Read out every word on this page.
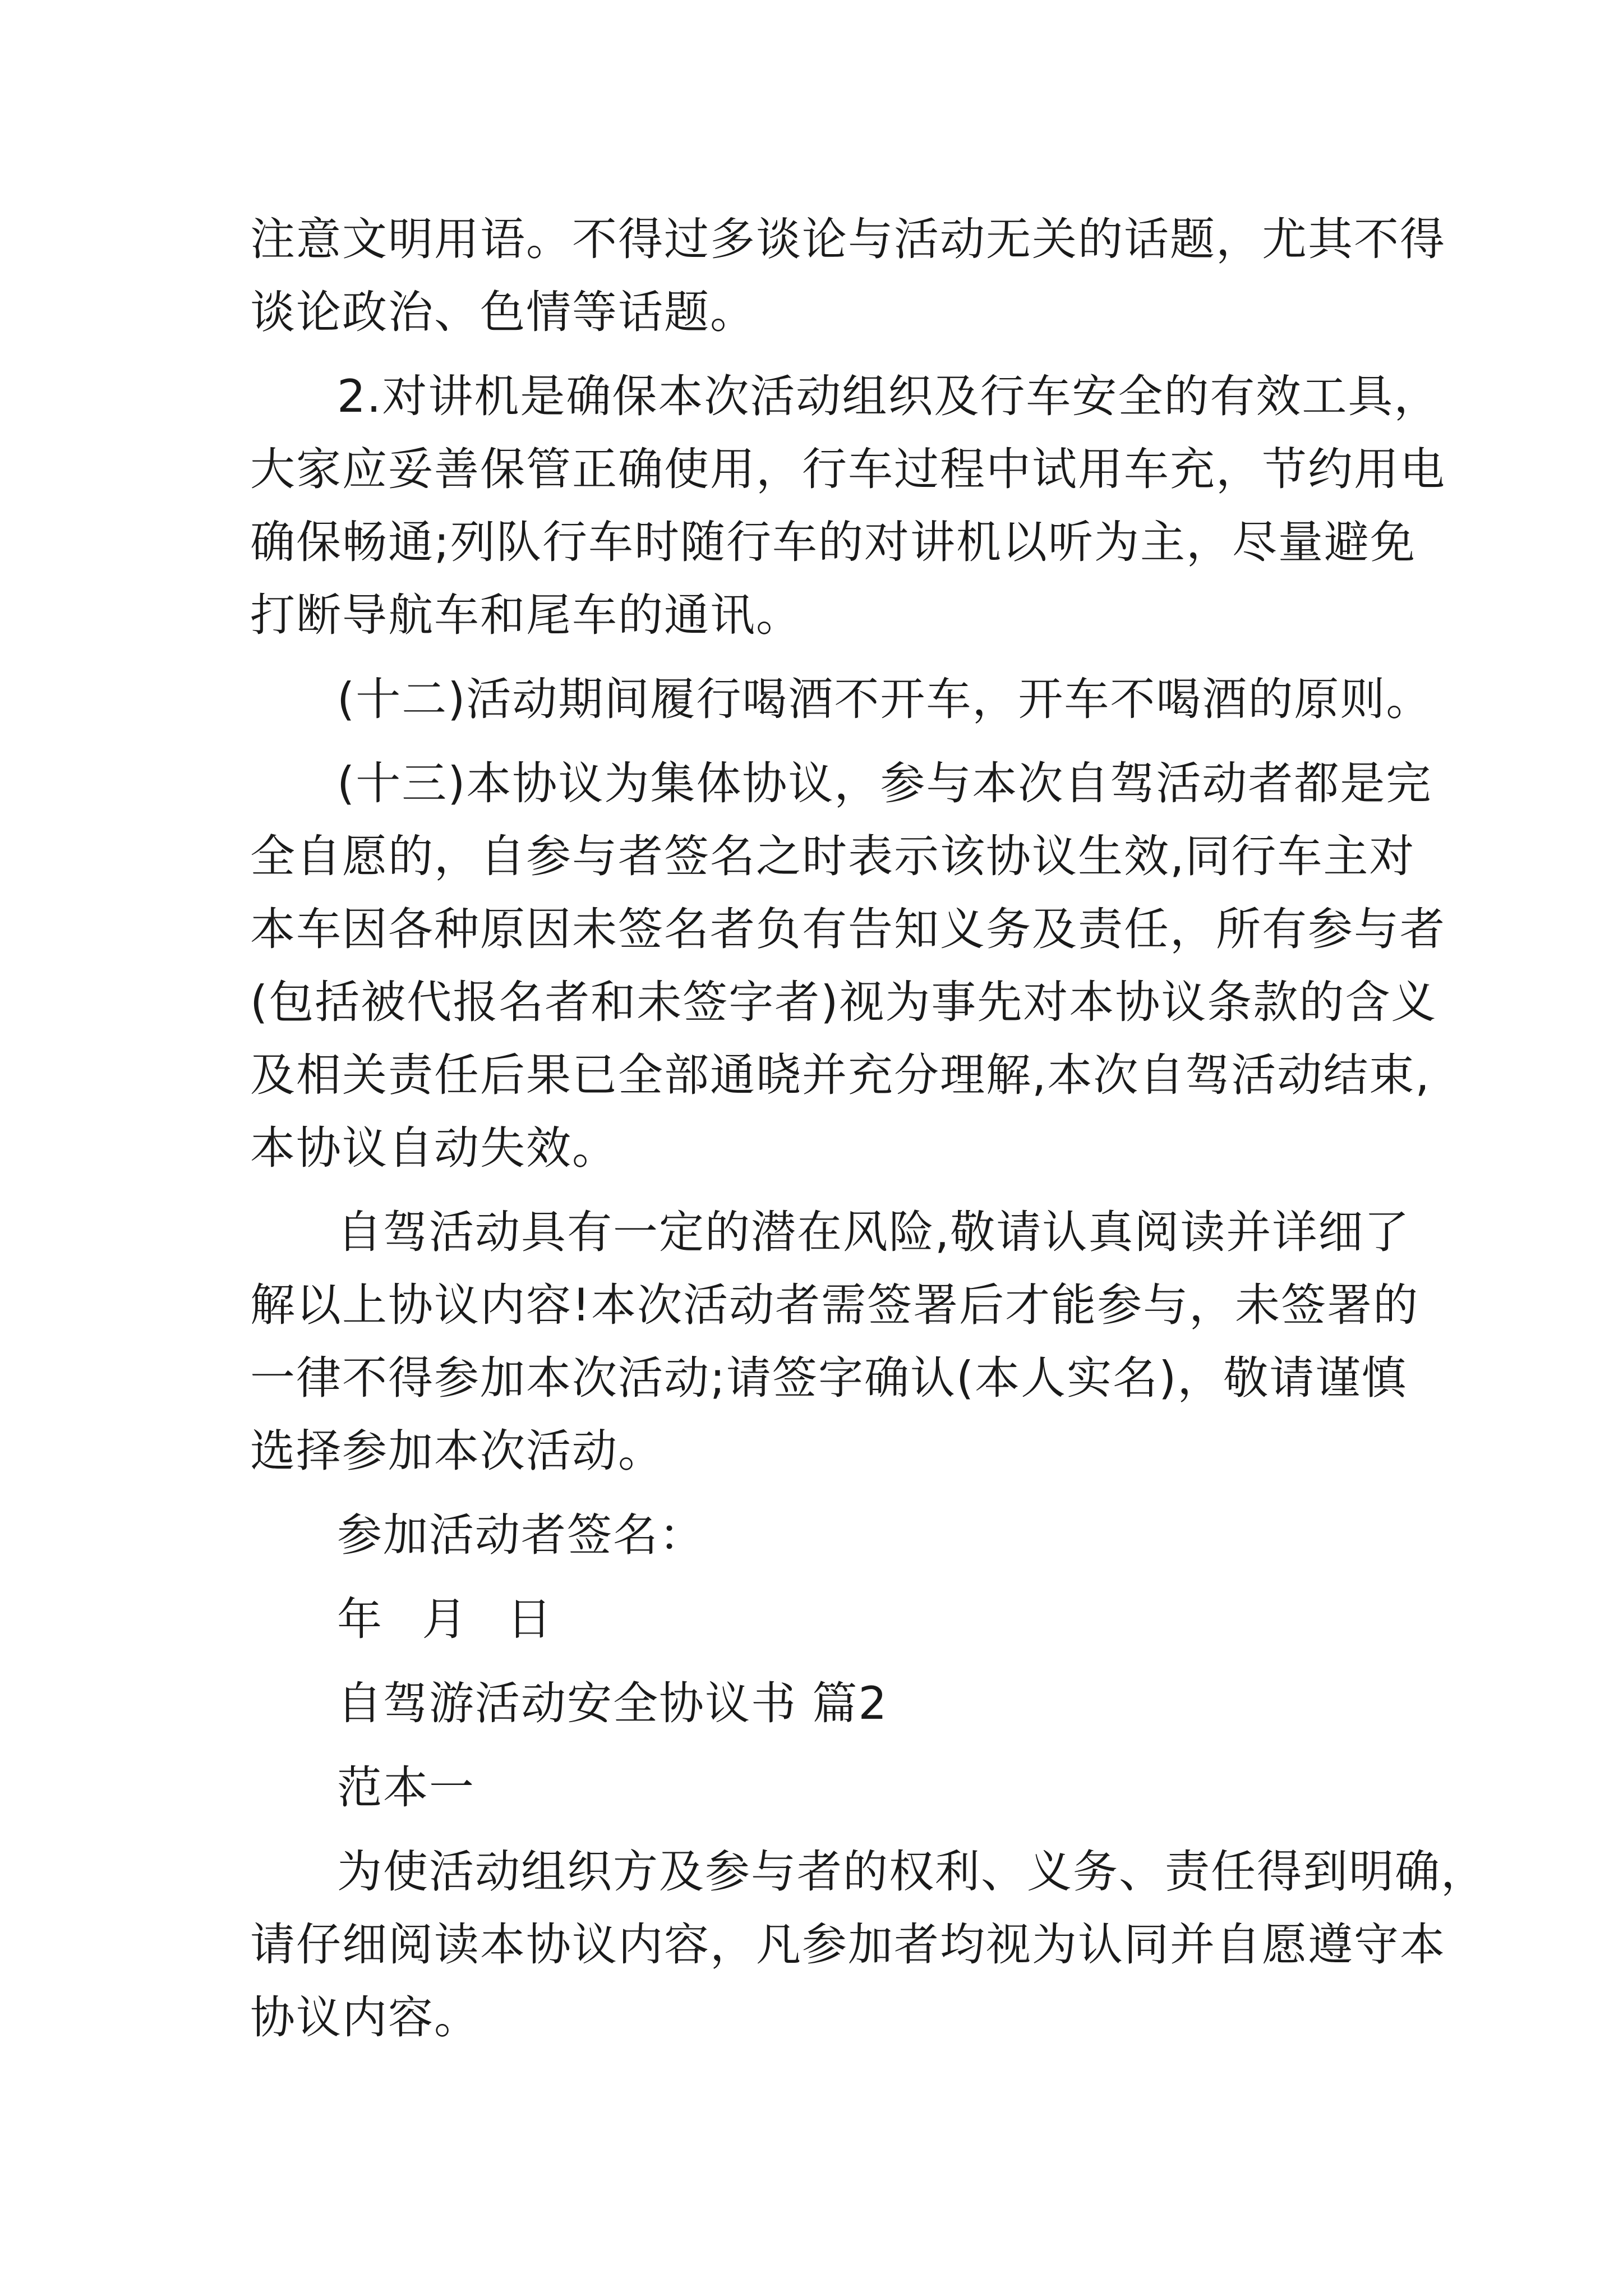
注意文明用语。不得过多谈论与活动无关的话题，尤其不得
谈论政治、色情等话题。
2.对讲机是确保本次活动组织及行车安全的有效工具，
大家应妥善保管正确使用，行车过程中试用车充，节约用电
确保畅通;列队行车时随行车的对讲机以听为主，尽量避免
打断导航车和尾车的通讯。
(十二)活动期间履行喝酒不开车，开车不喝酒的原则。
(十三)本协议为集体协议，参与本次自驾活动者都是完
全自愿的，自参与者签名之时表示该协议生效,同行车主对
本车因各种原因未签名者负有告知义务及责任，所有参与者
(包括被代报名者和未签字者)视为事先对本协议条款的含义
及相关责任后果已全部通晓并充分理解,本次自驾活动结束,
本协议自动失效。
自驾活动具有一定的潜在风险,敬请认真阅读并详细了
解以上协议内容!本次活动者需签署后才能参与，未签署的
一律不得参加本次活动;请签字确认(本人实名)，敬请谨慎
选择参加本次活动。
参加活动者签名：
年 月 日
自驾游活动安全协议书 篇2
范本一
为使活动组织方及参与者的权利、义务、责任得到明确，
请仔细阅读本协议内容，凡参加者均视为认同并自愿遵守本
协议内容。
